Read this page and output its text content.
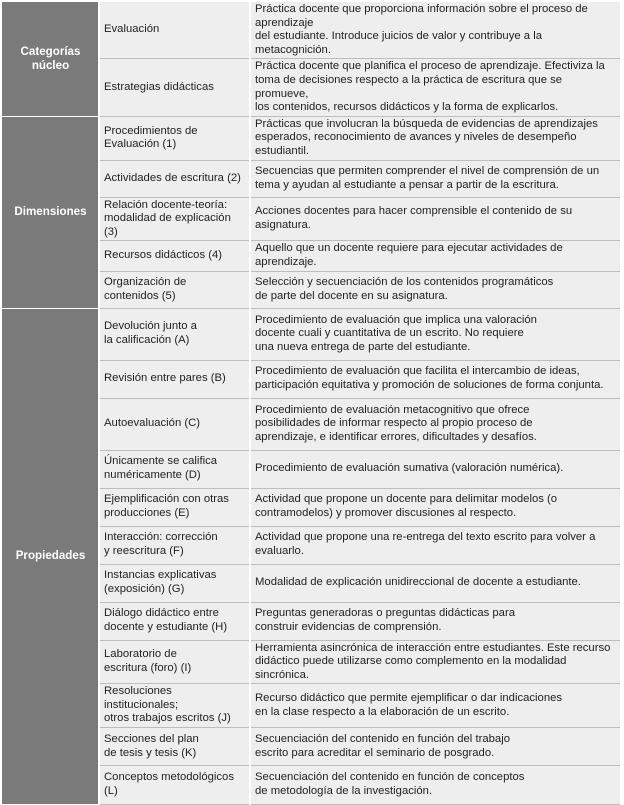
Categorías
núcleo	Evaluación	Práctica docente que proporciona información sobre el proceso de aprendizaje
del estudiante. Introduce juicios de valor y contribuye a la metacognición.
	Estrategias didácticas	Práctica docente que planifica el proceso de aprendizaje. Efectiviza la
toma de decisiones respecto a la práctica de escritura que se promueve,
los contenidos, recursos didácticos y la forma de explicarlos.
Dimensiones	Procedimientos de
Evaluación (1)	Prácticas que involucran la búsqueda de evidencias de aprendizajes
esperados, reconocimiento de avances y niveles de desempeño estudiantil.
	Actividades de escritura (2)	Secuencias que permiten comprender el nivel de comprensión de un
tema y ayudan al estudiante a pensar a partir de la escritura.
	Relación docente-teoría:
modalidad de explicación (3)	Acciones docentes para hacer comprensible el contenido de su asignatura.
	Recursos didácticos (4)	Aquello que un docente requiere para ejecutar actividades de aprendizaje.
	Organización de
contenidos (5)	Selección y secuenciación de los contenidos programáticos
de parte del docente en su asignatura.
Propiedades	Devolución junto a
la calificación (A)	Procedimiento de evaluación que implica una valoración
docente cuali y cuantitativa de un escrito. No requiere
una nueva entrega de parte del estudiante.
	Revisión entre pares (B)	Procedimiento de evaluación que facilita el intercambio de ideas,
participación equitativa y promoción de soluciones de forma conjunta.
	Autoevaluación (C)	Procedimiento de evaluación metacognitivo que ofrece
posibilidades de informar respecto al propio proceso de
aprendizaje, e identificar errores, dificultades y desafíos.
	Únicamente se califica
numéricamente (D)	Procedimiento de evaluación sumativa (valoración numérica).
	Ejemplificación con otras
producciones (E)	Actividad que propone un docente para delimitar modelos (o
contramodelos) y promover discusiones al respecto.
	Interacción: corrección
y reescritura (F)	Actividad que propone una re-entrega del texto escrito para volver a evaluarlo.
	Instancias explicativas
(exposición) (G)	Modalidad de explicación unidireccional de docente a estudiante.
	Diálogo didáctico entre
docente y estudiante (H)	Preguntas generadoras o preguntas didácticas para
construir evidencias de comprensión.
	Laboratorio de
escritura (foro) (I)	Herramienta asincrónica de interacción entre estudiantes. Este recurso
didáctico puede utilizarse como complemento en la modalidad sincrónica.
	Resoluciones institucionales;
otros trabajos escritos (J)	Recurso didáctico que permite ejemplificar o dar indicaciones
en la clase respecto a la elaboración de un escrito.
	Secciones del plan
de tesis y tesis (K)	Secuenciación del contenido en función del trabajo
escrito para acreditar el seminario de posgrado.
	Conceptos metodológicos (L)	Secuenciación del contenido en función de conceptos
de metodología de la investigación.
